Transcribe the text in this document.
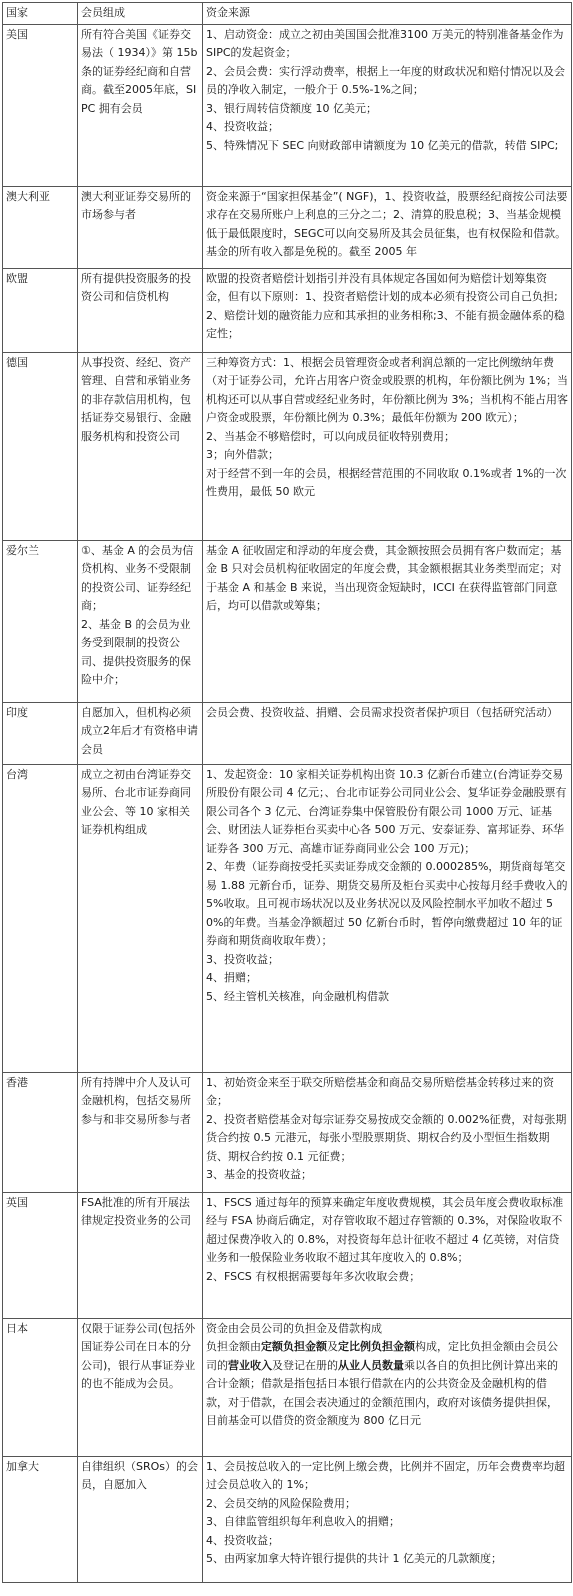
国家	会员组成	资金来源
美国	所有符合美国《证券交易法（ 1934）》第 15b 条的证券经纪商和自营商。截至2005年底，SIPC 拥有会员	1、启动资金：成立之初由美国国会批准3100 万美元的特别准备基金作为SIPC的发起资金；
2、会员会费：实行浮动费率，根据上一年度的财政状况和赔付情况以及会员的净收入制定，一般介于 0.5%-1%之间；
3、银行周转信贷额度 10 亿美元；
4、投资收益；
5、特殊情况下 SEC 向财政部申请额度为 10 亿美元的借款，转借 SIPC;

澳大利亚	澳大利亚证券交易所的市场参与者	资金来源于“国家担保基金”( NGF)，1、投资收益，股票经纪商按公司法要求存在交易所账户上利息的三分之二；2、清算的股息税；3、当基金规模低于最低限度时，SEGC可以向交易所及其会员征集，也有权保险和借款。基金的所有收入都是免税的。截至 2005 年

欧盟	所有提供投资服务的投资公司和信贷机构	欧盟的投资者赔偿计划指引并没有具体规定各国如何为赔偿计划筹集资金，但有以下原则：1、投资者赔偿计划的成本必须有投资公司自己负担;2、赔偿计划的融资能力应和其承担的业务相称;3、不能有损金融体系的稳定性；

德国	从事投资、经纪、资产管理、自营和承销业务的非存款信用机构，包括证券交易银行、金融服务机构和投资公司	三种筹资方式：1、根据会员管理资金或者利润总额的一定比例缴纳年费（对于证券公司，允许占用客户资金或股票的机构，年份额比例为 1%；当机构还可以从事自营或经纪业务时，年份额比例为 3%；当机构不能占用客户资金或股票，年份额比例为 0.3%；最低年份额为 200 欧元）；
2、当基金不够赔偿时，可以向成员征收特别费用；
3；向外借款；
对于经营不到一年的会员，根据经营范围的不同收取 0.1%或者 1%的一次性费用，最低 50 欧元

爱尔兰	①、基金 A 的会员为信贷机构、业务不受限制的投资公司、证券经纪商；
2、基金 B 的会员为业务受到限制的投资公司、提供投资服务的保险中介；	基金 A 征收固定和浮动的年度会费，其金额按照会员拥有客户数而定；基金 B 只对会员机构征收固定的年度会费，其金额根据其业务类型而定；对于基金 A 和基金 B 来说，当出现资金短缺时，ICCI 在获得监管部门同意后，均可以借款或筹集；

印度	自愿加入，但机构必须成立2年后才有资格申请会员	会员会费、投资收益、捐赠、会员需求投资者保护项目（包括研究活动）

台湾	成立之初由台湾证券交易所、台北市证券商同业公会、等 10 家相关证券机构组成	1、发起资金：10 家相关证券机构出资 10.3 亿新台币建立(台湾证券交易所股份有限公司 4 亿元；、台北市证券公司同业公会、复华证券金融股票有限公司各个 3 亿元、台湾证券集中保管股份有限公司 1000 万元、证基会、财团法人证券柜台买卖中心各 500 万元、安泰证券、富邦证券、环华证券各 300 万元、高雄市证券商同业公会 100 万元)；
2、年费（证券商按受托买卖证券成交金额的 0.000285%，期货商每笔交易 1.88 元新台币，证券、期货交易所及柜台买卖中心按每月经手费收入的 5%收取。且可视市场状况以及业务状况以及风险控制水平加收不超过 50%的年费。当基金净额超过 50 亿新台币时，暂停向缴费超过 10 年的证券商和期货商收取年费）；
3、投资收益；
4、捐赠；
5、经主管机关核准，向金融机构借款

香港	所有持牌中介人及认可金融机构，包括交易所参与和非交易所参与者	1、初始资金来至于联交所赔偿基金和商品交易所赔偿基金转移过来的资金；
2、投资者赔偿基金对每宗证券交易按成交金额的 0.002%征费，对每张期货合约按 0.5 元港元，每张小型股票期货、期权合约及小型恒生指数期货、期权合约按 0.1 元征费；
3、基金的投资收益；

英国	FSA批准的所有开展法律规定投资业务的公司	1、FSCS 通过每年的预算来确定年度收费规模，其会员年度会费收取标准经与 FSA 协商后确定，对存管收取不超过存管额的 0.3%，对保险收取不超过保费净收入的 0.8%，对投资每年总计征收不超过 4 亿英镑，对信贷业务和一般保险业务收取不超过其年度收入的 0.8%；
2、FSCS 有权根据需要每年多次收取会费；

日本	仅限于证券公司(包括外国证券公司在日本的分公司)，银行从事证券业的也不能成为会员。	资金由会员公司的负担金及借款构成
负担金额由定额负担金额及定比例负担金额构成，定比负担金额由会员公司的营业收入及登记在册的从业人员数量乘以各自的负担比例计算出来的合计金额；借款是指包括日本银行借款在内的公共资金及金融机构的借款，对于借款，在国会表决通过的金额范围内，政府对该债务提供担保，目前基金可以借贷的资金额度为 800 亿日元

加拿大	自律组织（SROs）的会员，自愿加入	1、会员按总收入的一定比例上缴会费，比例并不固定，历年会费费率均超过会员总收入的 1%；
2、会员交纳的风险保险费用；
3、自律监管组织每年利息收入的捐赠；
4、投资收益；
5、由两家加拿大特许银行提供的共计 1 亿美元的几款额度；
